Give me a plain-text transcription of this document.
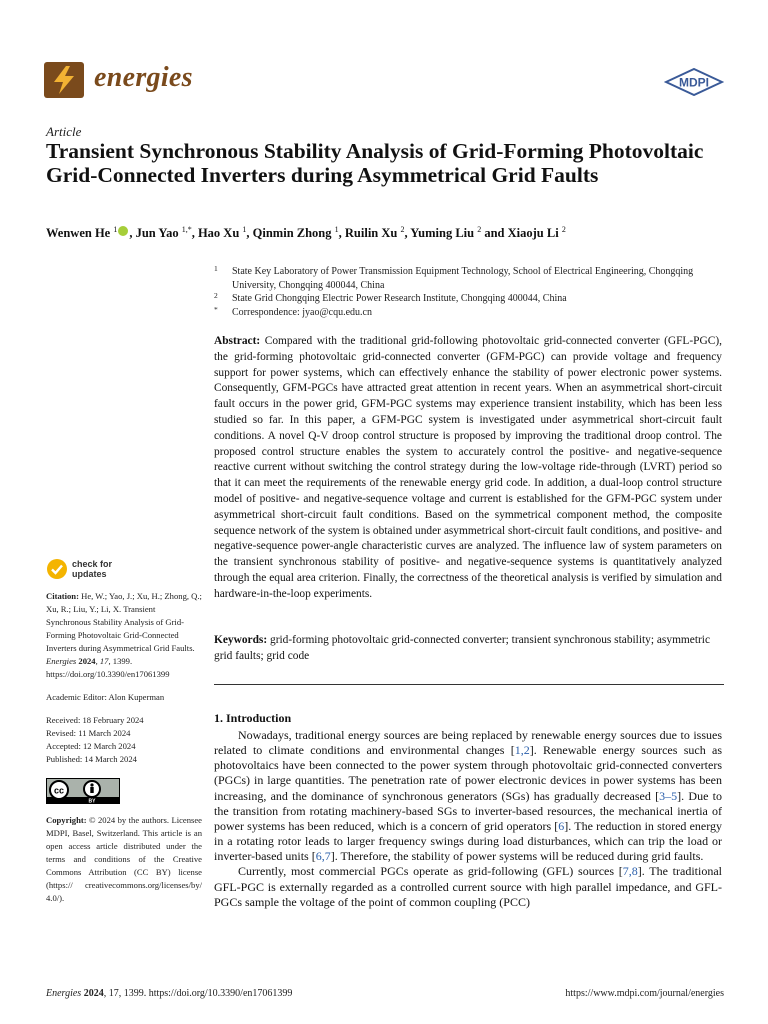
energies	MDPI
Article
Transient Synchronous Stability Analysis of Grid-Forming Photovoltaic Grid-Connected Inverters during Asymmetrical Grid Faults
Wenwen He $^1$ , Jun Yao $^{1,*}$, Hao Xu $^1$, Qinmin Zhong $^1$, Ruilin Xu $^2$, Yuming Liu $^2$ and Xiaoju Li $^2$
1 State Key Laboratory of Power Transmission Equipment Technology, School of Electrical Engineering, Chongqing University, Chongqing 400044, China
2 State Grid Chongqing Electric Power Research Institute, Chongqing 400044, China
* Correspondence: jyao@cqu.edu.cn
Abstract: Compared with the traditional grid-following photovoltaic grid-connected converter (GFL-PGC), the grid-forming photovoltaic grid-connected converter (GFM-PGC) can provide voltage and frequency support for power systems, which can effectively enhance the stability of power electronic power systems. Consequently, GFM-PGCs have attracted great attention in recent years. When an asymmetrical short-circuit fault occurs in the power grid, GFM-PGC systems may experience transient instability, which has been less studied so far. In this paper, a GFM-PGC system is investigated under asymmetrical short-circuit fault conditions. A novel Q-V droop control structure is proposed by improving the traditional droop control. The proposed control structure enables the system to accurately control the positive- and negative-sequence reactive current without switching the control strategy during the low-voltage ride-through (LVRT) period so that it can meet the requirements of the renewable energy grid code. In addition, a dual-loop control structure model of positive- and negative-sequence voltage and current is established for the GFM-PGC system under asymmetrical short-circuit fault conditions. Based on the symmetrical component method, the composite sequence network of the system is obtained under asymmetrical short-circuit fault conditions, and positive- and negative-sequence power-angle characteristic curves are analyzed. The influence law of system parameters on the transient synchronous stability of positive- and negative-sequence systems is quantitatively analyzed through the equal area criterion. Finally, the correctness of the theoretical analysis is verified by simulation and hardware-in-the-loop experiments.
Keywords: grid-forming photovoltaic grid-connected converter; transient synchronous stability; asymmetric grid faults; grid code
1. Introduction

Nowadays, traditional energy sources are being replaced by renewable energy sources due to issues related to climate conditions and environmental changes [1,2]. Renewable energy sources such as photovoltaics have been connected to the power system through photovoltaic grid-connected converters (PGCs) in large quantities. The penetration rate of power electronic devices in power systems has been increasing, and the dominance of synchronous generators (SGs) has gradually decreased [3–5]. Due to the transition from rotating machinery-based SGs to inverter-based resources, the mechanical inertia of power systems has been reduced, which is a concern of grid operators [6]. The reduction in stored energy in a rotating rotor leads to larger frequency swings during load disturbances, which can trip the load or inverter-based units [6,7]. Therefore, the stability of power systems will be reduced during grid faults.

Currently, most commercial PGCs operate as grid-following (GFL) sources [7,8]. The traditional GFL-PGC is externally regarded as a controlled current source with high parallel impedance, and GFL-PGCs sample the voltage of the point of common coupling (PCC)

check for
updates
Citation: He, W.; Yao, J.; Xu, H.; Zhong, Q.; Xu, R.; Liu, Y.; Li, X. Transient Synchronous Stability Analysis of Grid-Forming Photovoltaic Grid-Connected Inverters during Asymmetrical Grid Faults. Energies 2024, 17, 1399. https://doi.org/10.3390/en17061399
Academic Editor: Alon Kuperman
Received: 18 February 2024
Revised: 11 March 2024
Accepted: 12 March 2024
Published: 14 March 2024
cc
BY
Copyright: © 2024 by the authors. Licensee MDPI, Basel, Switzerland. This article is an open access article distributed under the terms and conditions of the Creative Commons Attribution (CC BY) license (https:// creativecommons.org/licenses/by/ 4.0/).
Energies 2024, 17, 1399. https://doi.org/10.3390/en17061399	https://www.mdpi.com/journal/energies
